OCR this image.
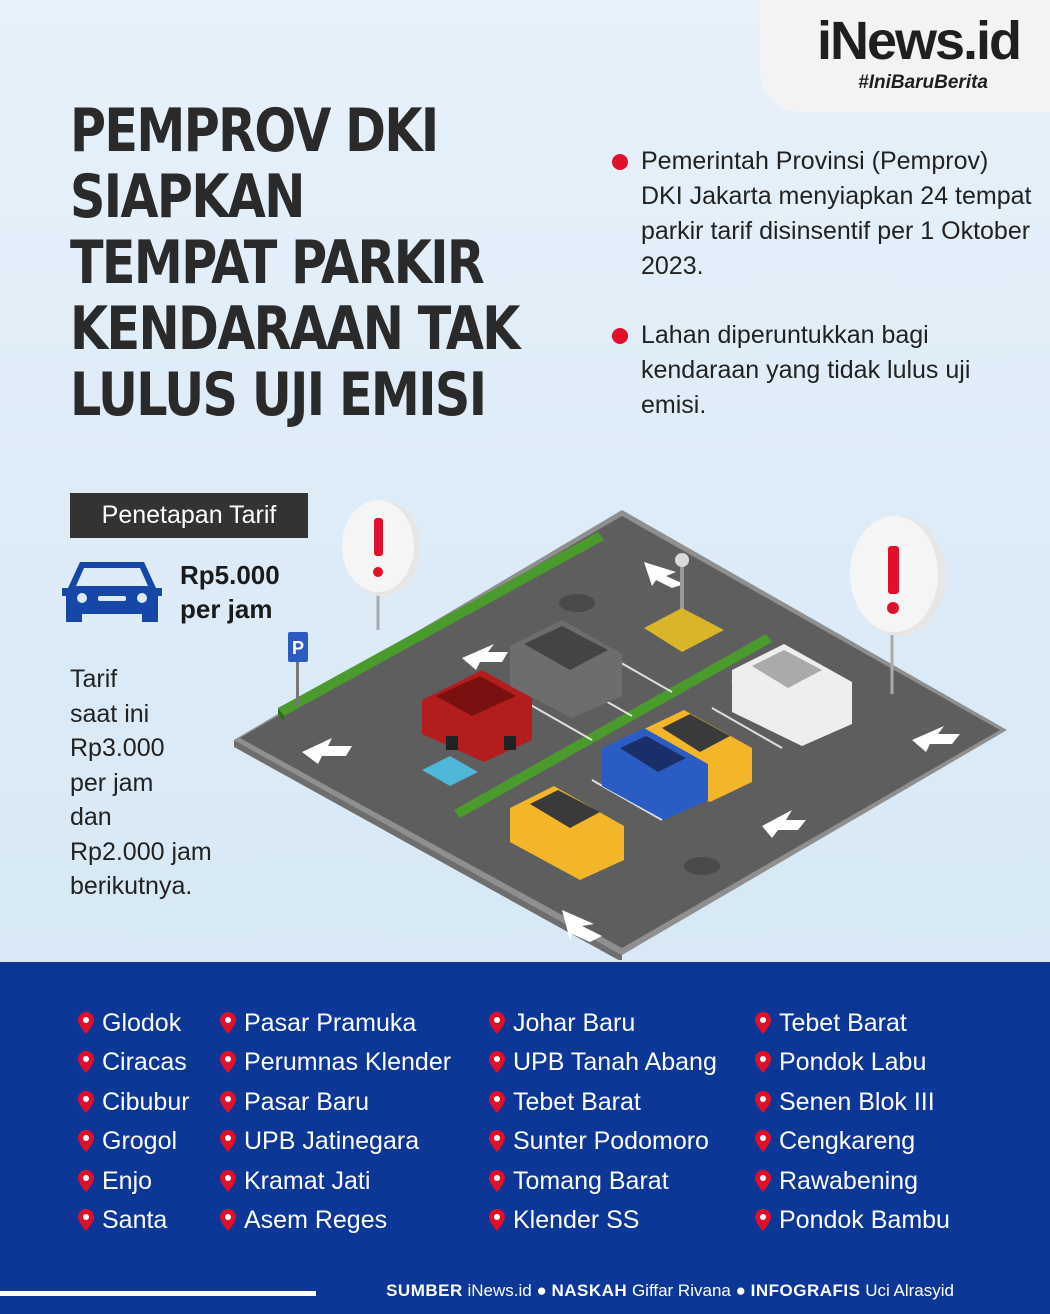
iNews.id
#IniBaruBerita
PEMPROV DKI
SIAPKAN
TEMPAT PARKIR
KENDARAAN TAK
LULUS UJI EMISI
Pemerintah Provinsi (Pemprov) DKI Jakarta menyiapkan 24 tempat parkir tarif disinsentif per 1 Oktober 2023.
Lahan diperuntukkan bagi kendaraan yang tidak lulus uji emisi.
Penetapan Tarif
Rp5.000
per jam
Tarif
saat ini
Rp3.000
per jam
dan
Rp2.000 jam
berikutnya.
P
Glodok
Ciracas
Cibubur
Grogol
Enjo
Santa
Pasar Pramuka
Perumnas Klender
Pasar Baru
UPB Jatinegara
Kramat Jati
Asem Reges
Johar Baru
UPB Tanah Abang
Tebet Barat
Sunter Podomoro
Tomang Barat
Klender SS
Tebet Barat
Pondok Labu
Senen Blok III
Cengkareng
Rawabening
Pondok Bambu
SUMBER iNews.id ● NASKAH Giffar Rivana ● INFOGRAFIS Uci Alrasyid
